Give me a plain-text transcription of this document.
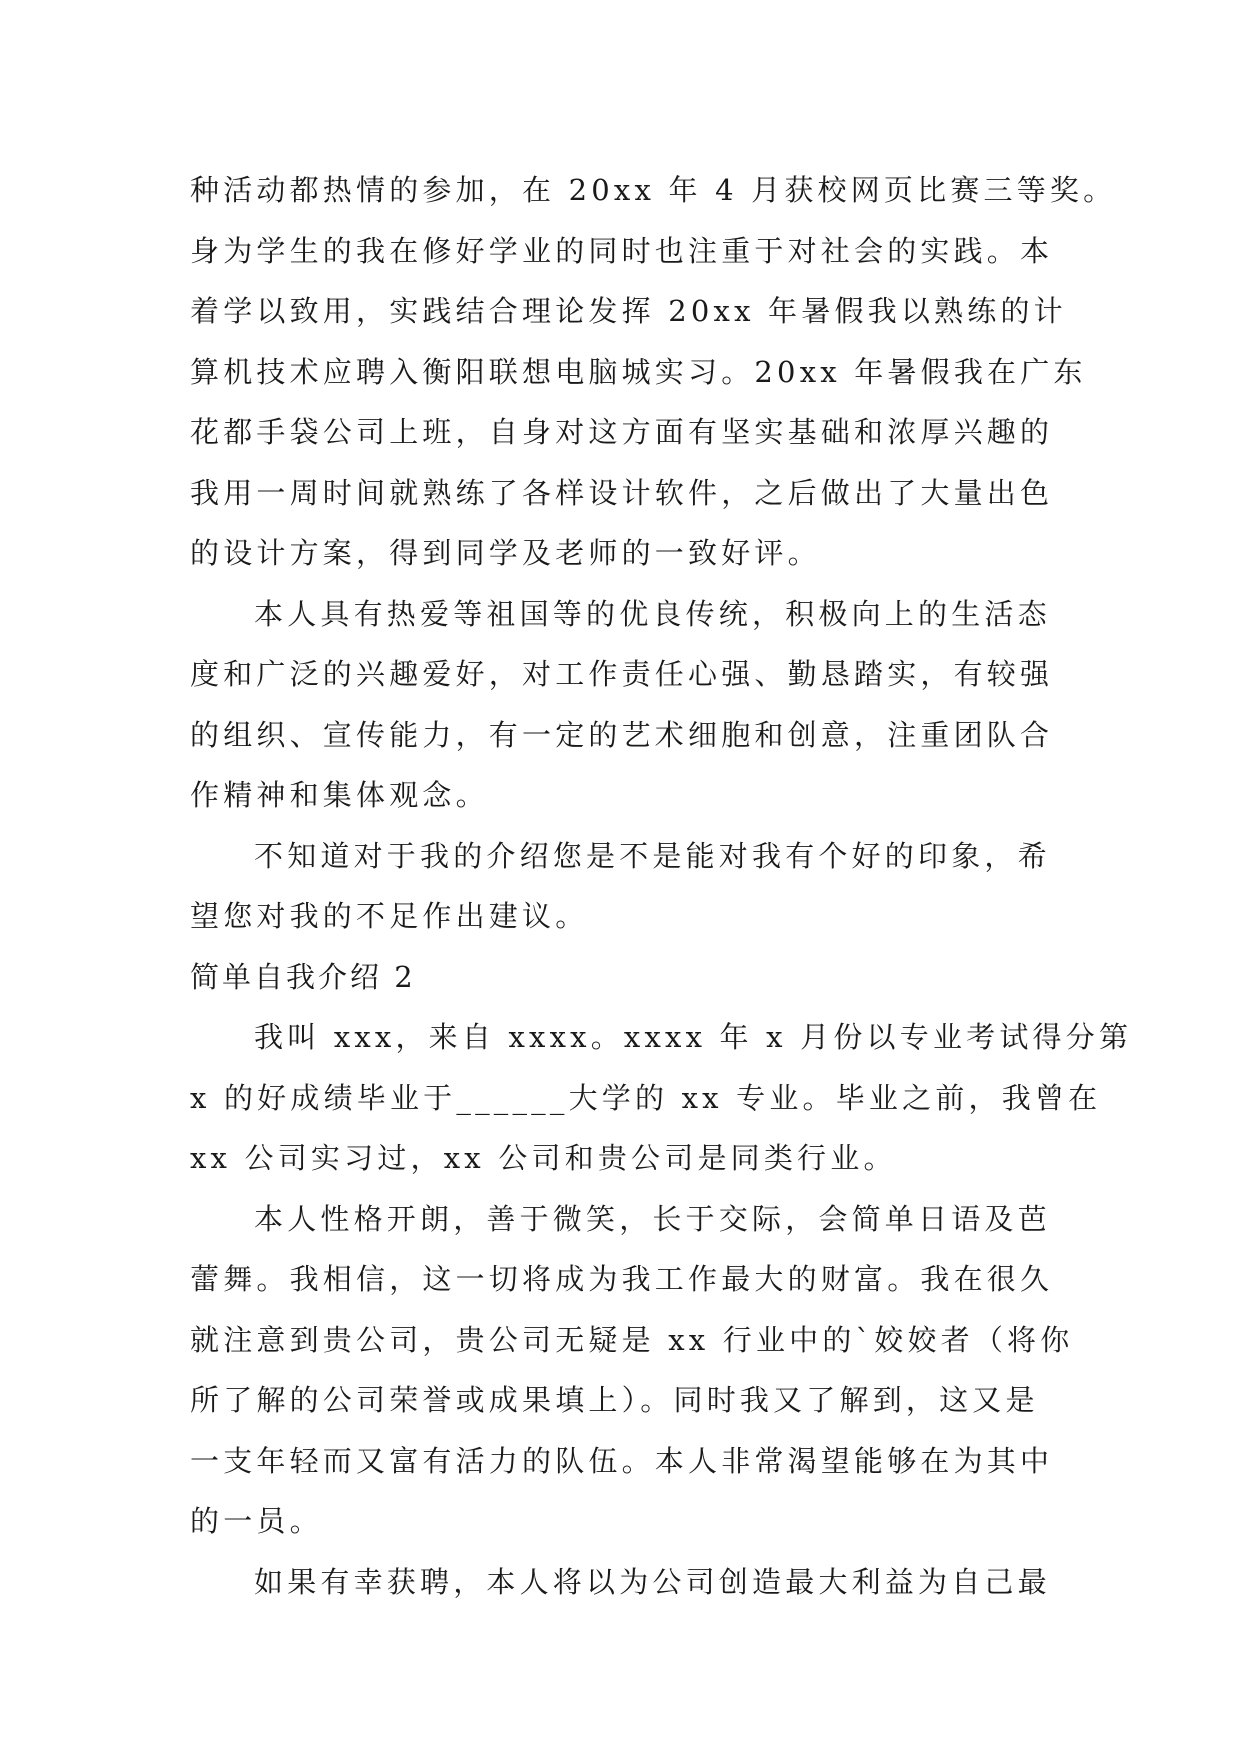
种活动都热情的参加，在 20xx 年 4 月获校网页比赛三等奖。
身为学生的我在修好学业的同时也注重于对社会的实践。本
着学以致用，实践结合理论发挥 20xx 年暑假我以熟练的计
算机技术应聘入衡阳联想电脑城实习。20xx 年暑假我在广东
花都手袋公司上班，自身对这方面有坚实基础和浓厚兴趣的
我用一周时间就熟练了各样设计软件，之后做出了大量出色
的设计方案，得到同学及老师的一致好评。
本人具有热爱等祖国等的优良传统，积极向上的生活态
度和广泛的兴趣爱好，对工作责任心强、勤恳踏实，有较强
的组织、宣传能力，有一定的艺术细胞和创意，注重团队合
作精神和集体观念。
不知道对于我的介绍您是不是能对我有个好的印象，希
望您对我的不足作出建议。
简单自我介绍 2
我叫 xxx，来自 xxxx。xxxx 年 x 月份以专业考试得分第
x 的好成绩毕业于______大学的 xx 专业。毕业之前，我曾在
xx 公司实习过，xx 公司和贵公司是同类行业。
本人性格开朗，善于微笑，长于交际，会简单日语及芭
蕾舞。我相信，这一切将成为我工作最大的财富。我在很久
就注意到贵公司，贵公司无疑是 xx 行业中的`姣姣者（将你
所了解的公司荣誉或成果填上）。同时我又了解到，这又是
一支年轻而又富有活力的队伍。本人非常渴望能够在为其中
的一员。
如果有幸获聘，本人将以为公司创造最大利益为自己最
